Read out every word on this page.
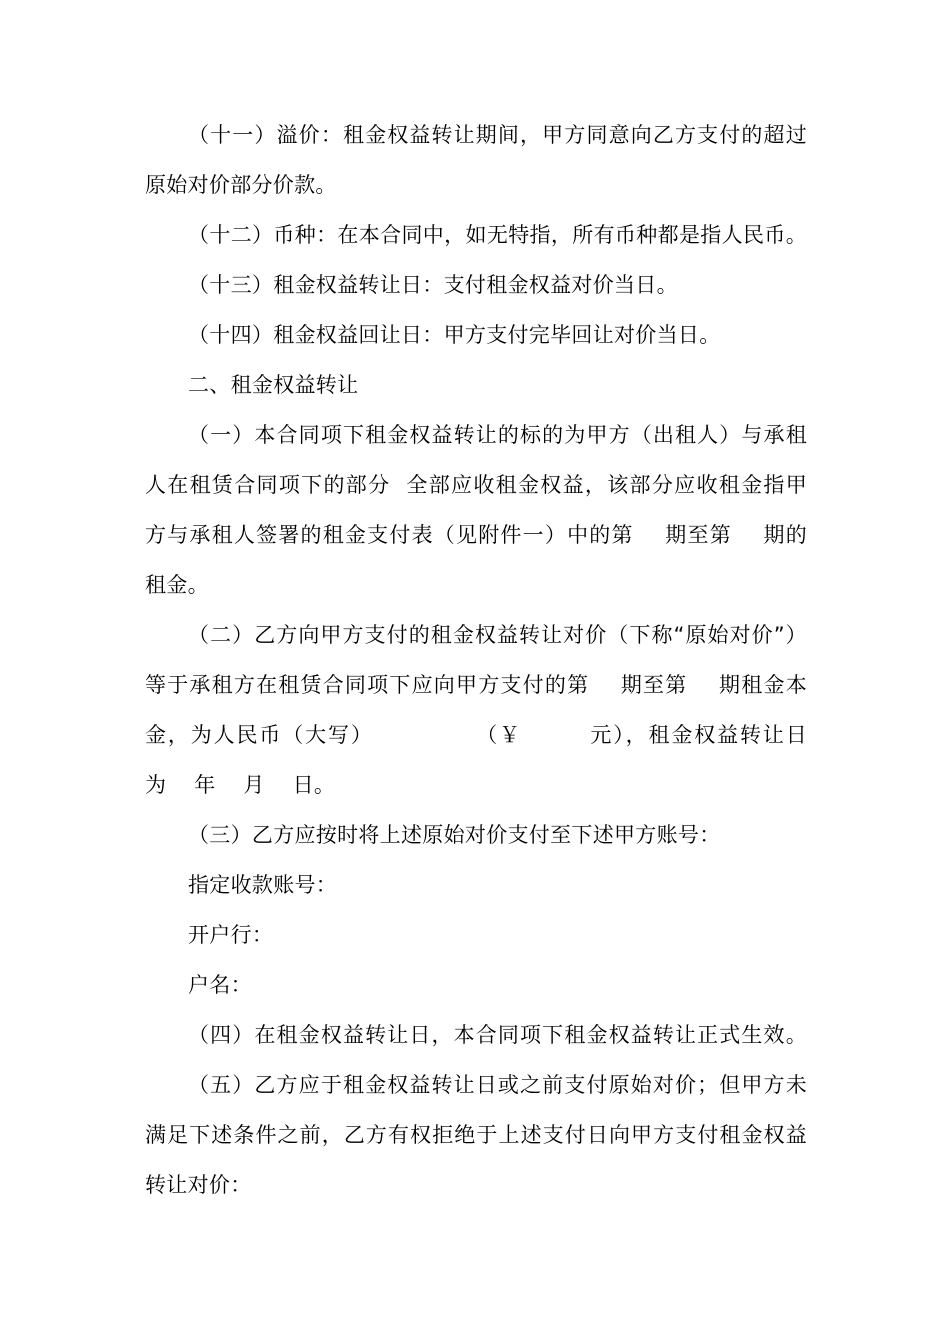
（十一）溢价：租金权益转让期间，甲方同意向乙方支付的超过
原始对价部分价款。
（十二）币种：在本合同中，如无特指，所有币种都是指人民币。
（十三）租金权益转让日：支付租金权益对价当日。
（十四）租金权益回让日：甲方支付完毕回让对价当日。
二、租金权益转让
（一）本合同项下租金权益转让的标的为甲方（出租人）与承租
人在租赁合同项下的部分  全部应收租金权益，该部分应收租金指甲
方与承租人签署的租金支付表（见附件一）中的第    期至第    期的
租金。
（二）乙方向甲方支付的租金权益转让对价（下称“原始对价”）
等于承租方在租赁合同项下应向甲方支付的第    期至第    期租金本
金，为人民币（大写）            （￥        元），租金权益转让日
为    年    月    日。
（三）乙方应按时将上述原始对价支付至下述甲方账号：
指定收款账号：
开户行：
户名：
（四）在租金权益转让日，本合同项下租金权益转让正式生效。
（五）乙方应于租金权益转让日或之前支付原始对价；但甲方未
满足下述条件之前，乙方有权拒绝于上述支付日向甲方支付租金权益
转让对价：
